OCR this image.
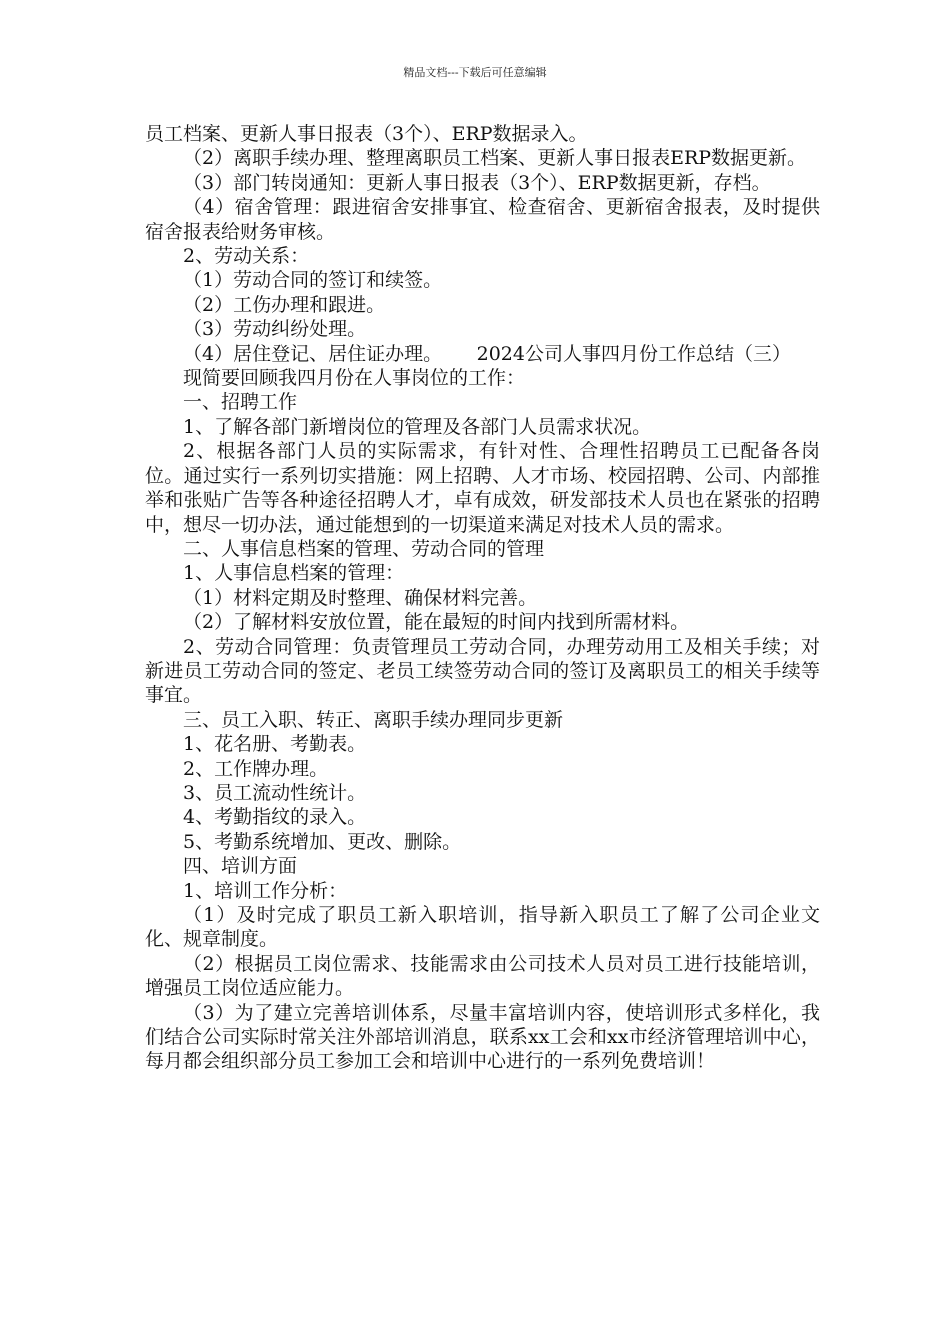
精品文档---下载后可任意编辑

员工档案、更新人事日报表（3个）、ERP数据录入。

（2）离职手续办理、整理离职员工档案、更新人事日报表ERP数据更新。

（3）部门转岗通知：更新人事日报表（3个）、ERP数据更新，存档。

（4）宿舍管理：跟进宿舍安排事宜、检查宿舍、更新宿舍报表，及时提供宿舍报表给财务审核。

2、劳动关系：

（1）劳动合同的签订和续签。

（2）工伤办理和跟进。

（3）劳动纠纷处理。

（4）居住登记、居住证办理。　　 2024公司人事四月份工作总结（三）

现简要回顾我四月份在人事岗位的工作：

一、招聘工作

1、了解各部门新增岗位的管理及各部门人员需求状况。

2、根据各部门人员的实际需求，有针对性、合理性招聘员工已配备各岗位。通过实行一系列切实措施：网上招聘、人才市场、校园招聘、公司、内部推举和张贴广告等各种途径招聘人才，卓有成效，研发部技术人员也在紧张的招聘中，想尽一切办法，通过能想到的一切渠道来满足对技术人员的需求。

二、人事信息档案的管理、劳动合同的管理

1、人事信息档案的管理：

（1）材料定期及时整理、确保材料完善。

（2）了解材料安放位置，能在最短的时间内找到所需材料。

2、劳动合同管理：负责管理员工劳动合同，办理劳动用工及相关手续；对新进员工劳动合同的签定、老员工续签劳动合同的签订及离职员工的相关手续等事宜。

三、员工入职、转正、离职手续办理同步更新

1、花名册、考勤表。

2、工作牌办理。

3、员工流动性统计。

4、考勤指纹的录入。

5、考勤系统增加、更改、删除。

四、培训方面

1、培训工作分析：

（1）及时完成了职员工新入职培训，指导新入职员工了解了公司企业文化、规章制度。

（2）根据员工岗位需求、技能需求由公司技术人员对员工进行技能培训，增强员工岗位适应能力。

（3）为了建立完善培训体系，尽量丰富培训内容，使培训形式多样化，我们结合公司实际时常关注外部培训消息，联系xx工会和xx市经济管理培训中心，每月都会组织部分员工参加工会和培训中心进行的一系列免费培训！
